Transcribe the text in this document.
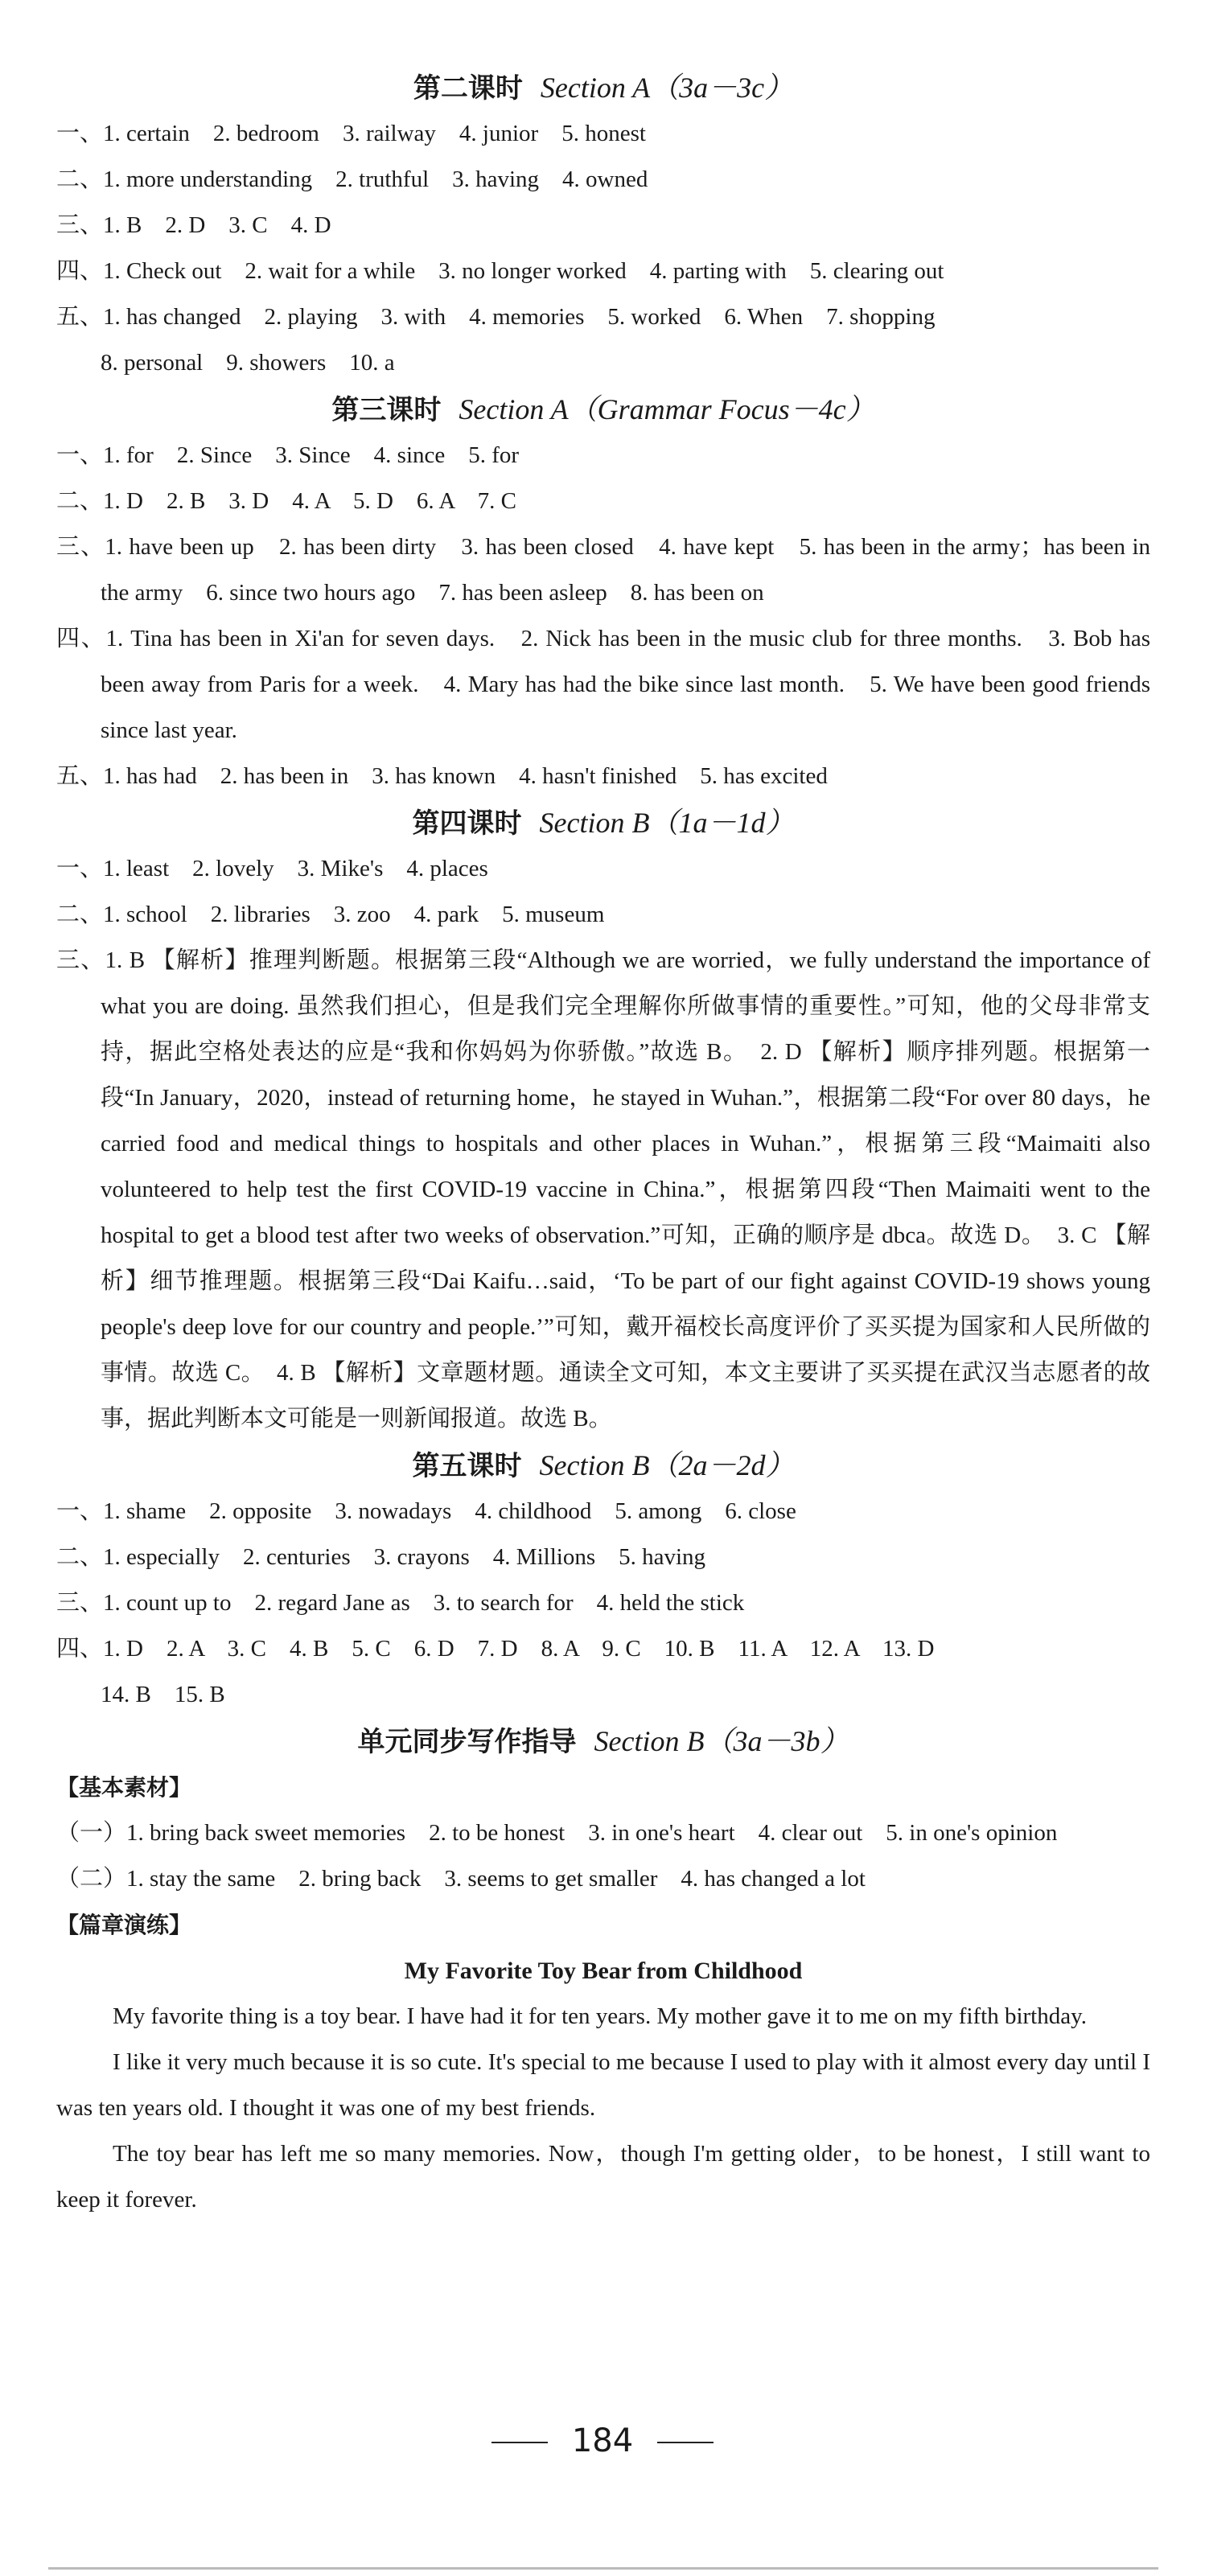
第二课时 Section A（3a－3c）
一、1. certain　2. bedroom　3. railway　4. junior　5. honest
二、1. more understanding　2. truthful　3. having　4. owned
三、1. B　2. D　3. C　4. D
四、1. Check out　2. wait for a while　3. no longer worked　4. parting with　5. clearing out
五、1. has changed　2. playing　3. with　4. memories　5. worked　6. When　7. shopping
8. personal　9. showers　10. a
第三课时 Section A（Grammar Focus－4c）
一、1. for　2. Since　3. Since　4. since　5. for
二、1. D　2. B　3. D　4. A　5. D　6. A　7. C
三、1. have been up　2. has been dirty　3. has been closed　4. have kept　5. has been in the army；has been in the army　6. since two hours ago　7. has been asleep　8. has been on
四、1. Tina has been in Xi'an for seven days.　2. Nick has been in the music club for three months.　3. Bob has been away from Paris for a week.　4. Mary has had the bike since last month.　5. We have been good friends since last year.
五、1. has had　2. has been in　3. has known　4. hasn't finished　5. has excited
第四课时 Section B（1a－1d）
一、1. least　2. lovely　3. Mike's　4. places
二、1. school　2. libraries　3. zoo　4. park　5. museum
三、1. B 【解析】推理判断题。根据第三段“Although we are worried，we fully understand the importance of what you are doing. 虽然我们担心，但是我们完全理解你所做事情的重要性。”可知，他的父母非常支持，据此空格处表达的应是“我和你妈妈为你骄傲。”故选 B。　2. D 【解析】顺序排列题。根据第一段“In January，2020，instead of returning home，he stayed in Wuhan.”，根据第二段“For over 80 days，he carried food and medical things to hospitals and other places in Wuhan.”，根据第三段“Maimaiti also volunteered to help test the first COVID-19 vaccine in China.”，根据第四段“Then Maimaiti went to the hospital to get a blood test after two weeks of observation.”可知，正确的顺序是 dbca。故选 D。　3. C 【解析】细节推理题。根据第三段“Dai Kaifu…said，‘To be part of our fight against COVID-19 shows young people's deep love for our country and people.’”可知，戴开福校长高度评价了买买提为国家和人民所做的事情。故选 C。　4. B 【解析】文章题材题。通读全文可知，本文主要讲了买买提在武汉当志愿者的故事，据此判断本文可能是一则新闻报道。故选 B。
第五课时 Section B（2a－2d）
一、1. shame　2. opposite　3. nowadays　4. childhood　5. among　6. close
二、1. especially　2. centuries　3. crayons　4. Millions　5. having
三、1. count up to　2. regard Jane as　3. to search for　4. held the stick
四、1. D　2. A　3. C　4. B　5. C　6. D　7. D　8. A　9. C　10. B　11. A　12. A　13. D
14. B　15. B
单元同步写作指导 Section B（3a－3b）
【基本素材】
（一）1. bring back sweet memories　2. to be honest　3. in one's heart　4. clear out　5. in one's opinion
（二）1. stay the same　2. bring back　3. seems to get smaller　4. has changed a lot
【篇章演练】
My Favorite Toy Bear from Childhood

My favorite thing is a toy bear. I have had it for ten years. My mother gave it to me on my fifth birthday.

I like it very much because it is so cute. It's special to me because I used to play with it almost every day until I was ten years old. I thought it was one of my best friends.

The toy bear has left me so many memories. Now，though I'm getting older，to be honest，I still want to keep it forever.

184
